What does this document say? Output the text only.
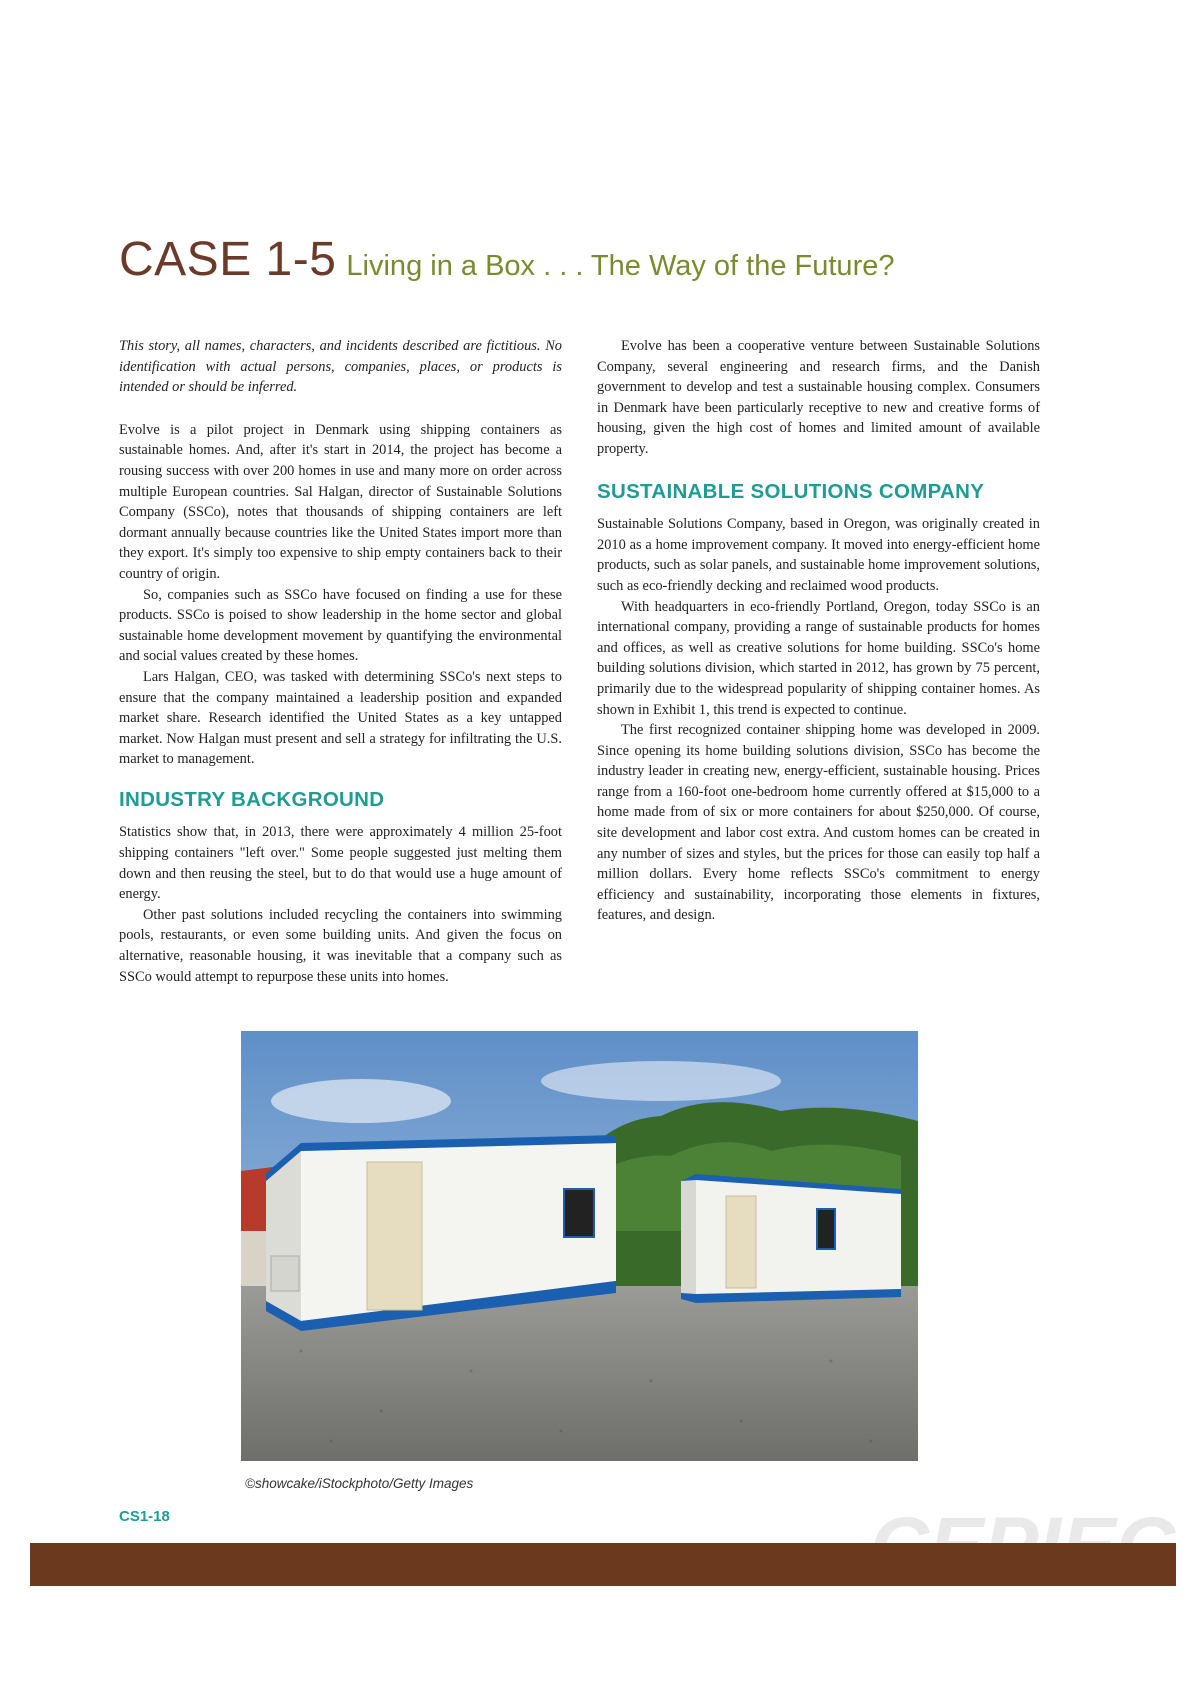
CASE 1-5 Living in a Box . . . The Way of the Future?

This story, all names, characters, and incidents described are fictitious. No identification with actual persons, companies, places, or products is intended or should be inferred.

Evolve is a pilot project in Denmark using shipping containers as sustainable homes. And, after it's start in 2014, the project has become a rousing success with over 200 homes in use and many more on order across multiple European countries. Sal Halgan, director of Sustainable Solutions Company (SSCo), notes that thousands of shipping containers are left dormant annually because countries like the United States import more than they export. It's simply too expensive to ship empty containers back to their country of origin.

So, companies such as SSCo have focused on finding a use for these products. SSCo is poised to show leadership in the home sector and global sustainable home development movement by quantifying the environmental and social values created by these homes.

Lars Halgan, CEO, was tasked with determining SSCo's next steps to ensure that the company maintained a leadership position and expanded market share. Research identified the United States as a key untapped market. Now Halgan must present and sell a strategy for infiltrating the U.S. market to management.

INDUSTRY BACKGROUND

Statistics show that, in 2013, there were approximately 4 million 25-foot shipping containers "left over." Some people suggested just melting them down and then reusing the steel, but to do that would use a huge amount of energy.

Other past solutions included recycling the containers into swimming pools, restaurants, or even some building units. And given the focus on alternative, reasonable housing, it was inevitable that a company such as SSCo would attempt to repurpose these units into homes.

Evolve has been a cooperative venture between Sustainable Solutions Company, several engineering and research firms, and the Danish government to develop and test a sustainable housing complex. Consumers in Denmark have been particularly receptive to new and creative forms of housing, given the high cost of homes and limited amount of available property.

SUSTAINABLE SOLUTIONS COMPANY

Sustainable Solutions Company, based in Oregon, was originally created in 2010 as a home improvement company. It moved into energy-efficient home products, such as solar panels, and sustainable home improvement solutions, such as eco-friendly decking and reclaimed wood products.

With headquarters in eco-friendly Portland, Oregon, today SSCo is an international company, providing a range of sustainable products for homes and offices, as well as creative solutions for home building. SSCo's home building solutions division, which started in 2012, has grown by 75 percent, primarily due to the widespread popularity of shipping container homes. As shown in Exhibit 1, this trend is expected to continue.

The first recognized container shipping home was developed in 2009. Since opening its home building solutions division, SSCo has become the industry leader in creating new, energy-efficient, sustainable housing. Prices range from a 160-foot one-bedroom home currently offered at $15,000 to a home made from of six or more containers for about $250,000. Of course, site development and labor cost extra. And custom homes can be created in any number of sizes and styles, but the prices for those can easily top half a million dollars. Every home reflects SSCo's commitment to energy efficiency and sustainability, incorporating those elements in fixtures, features, and design.

©showcake/iStockphoto/Getty Images
CS1-18
